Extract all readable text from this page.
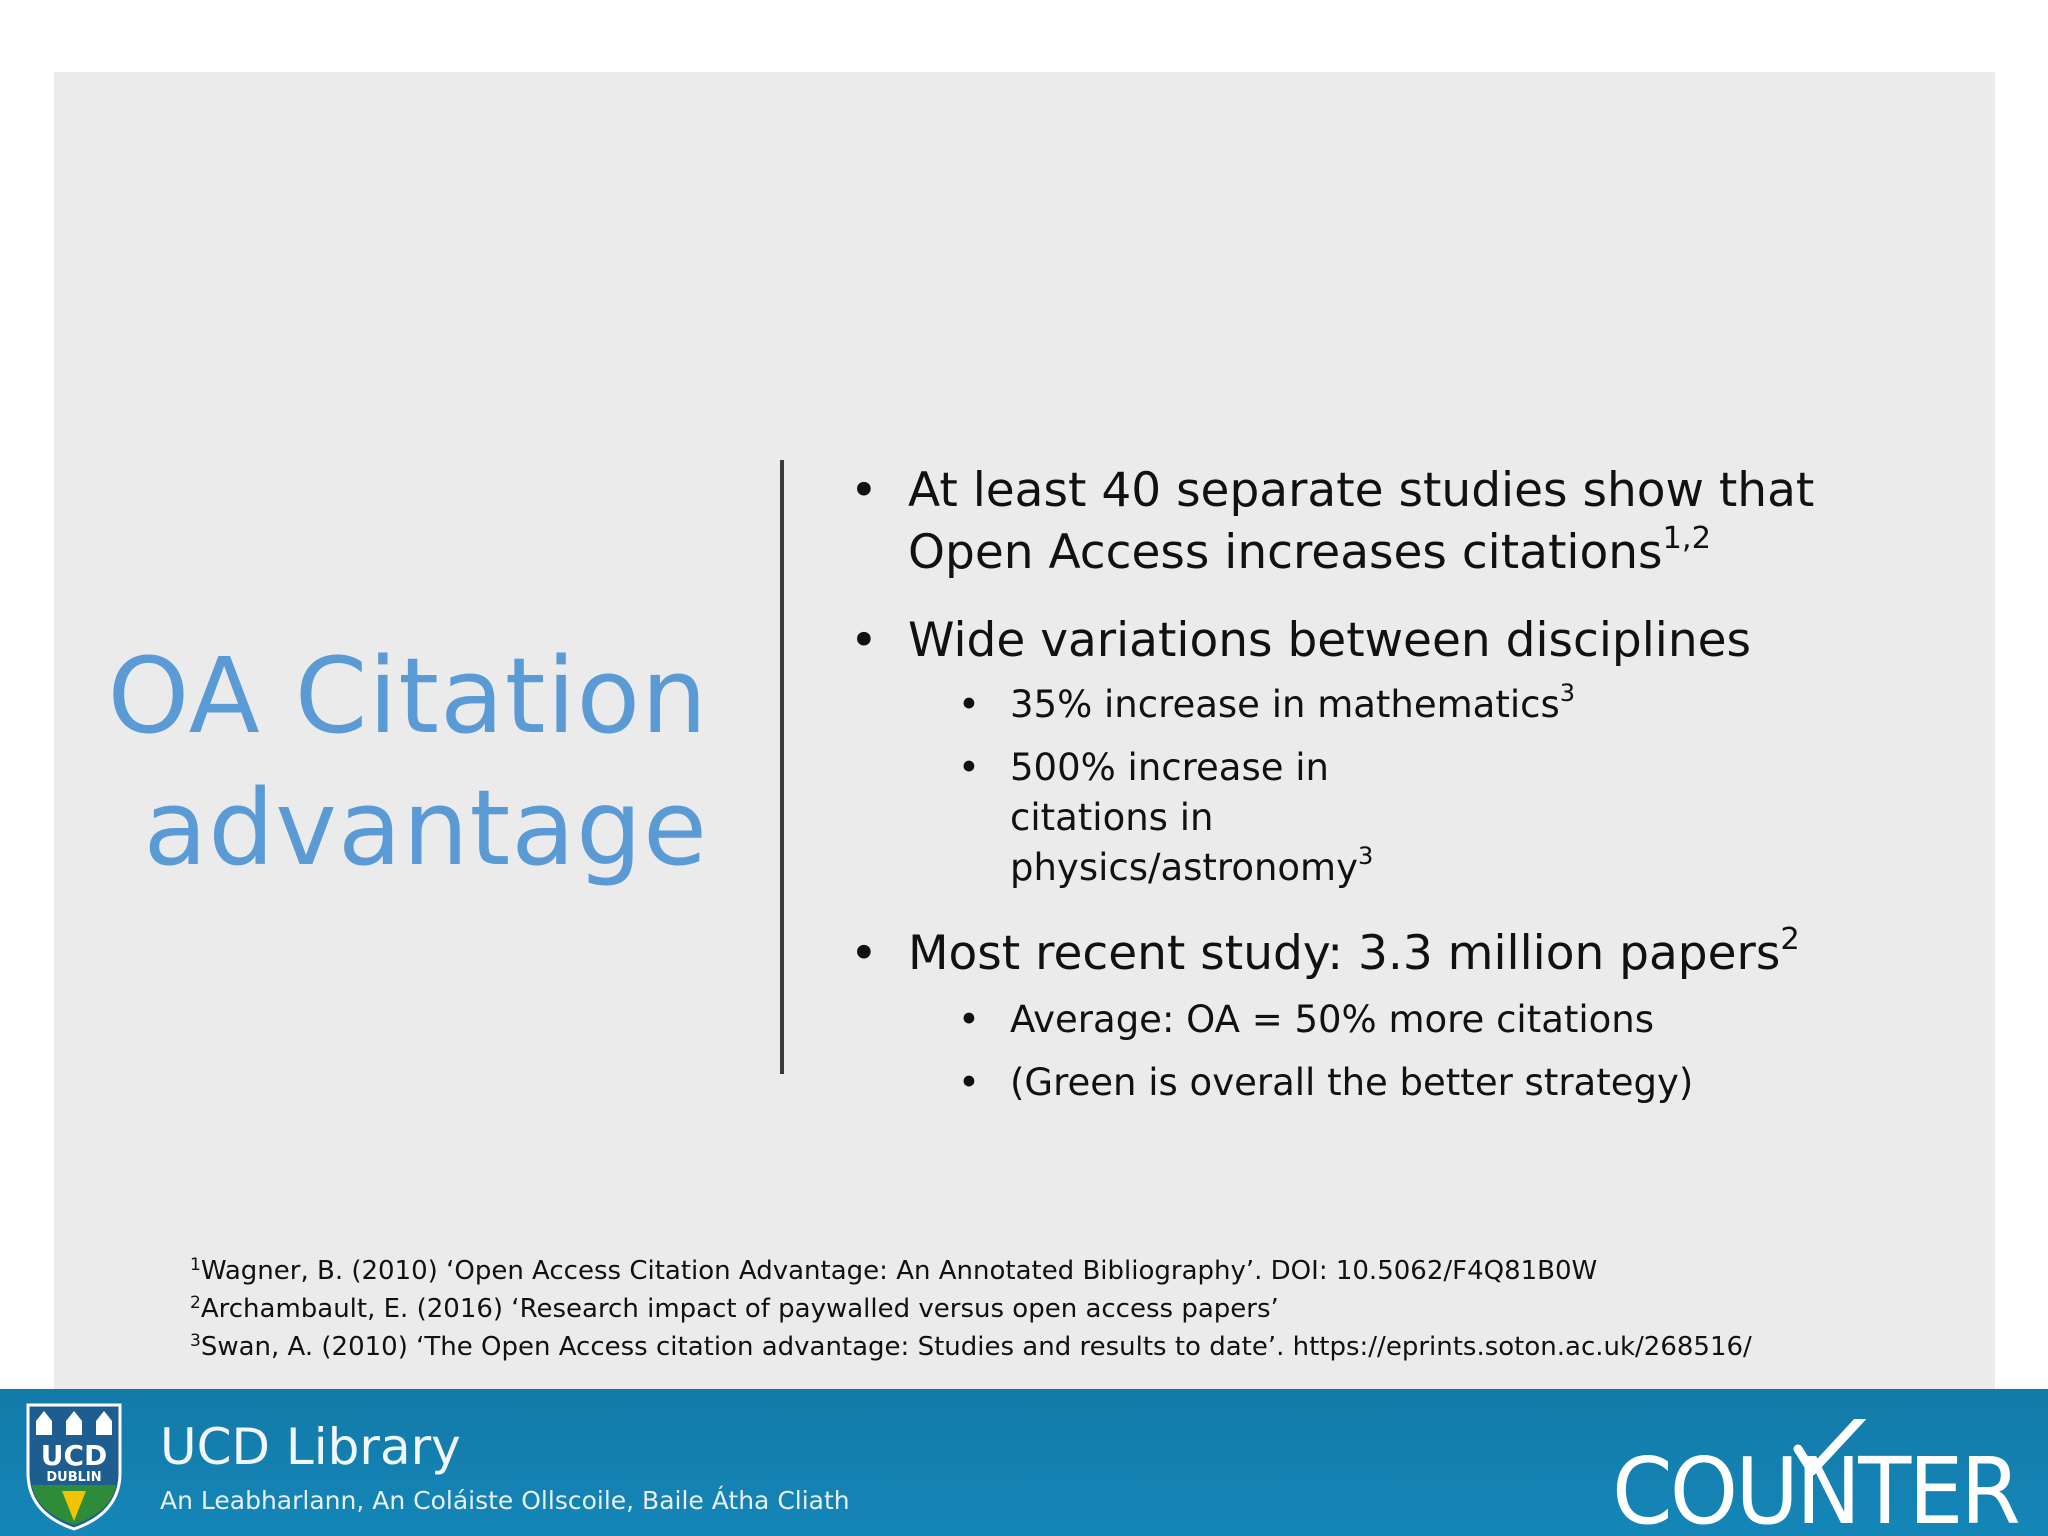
OA Citation
advantage
• At least 40 separate studies show that Open Access increases citations$^{1,2}$
• Wide variations between disciplines
• 35% increase in mathematics$^3$
• 500% increase in citations in physics/astronomy$^3$
• Most recent study: 3.3 million papers$^2$
• Average: OA = 50% more citations
• (Green is overall the better strategy)
$^1$Wagner, B. (2010) ‘Open Access Citation Advantage: An Annotated Bibliography’. DOI: 10.5062/F4Q81B0W
$^2$Archambault, E. (2016) ‘Research impact of paywalled versus open access papers’
$^3$Swan, A. (2010) ‘The Open Access citation advantage: Studies and results to date’. https://eprints.soton.ac.uk/268516/
UCD
DUBLIN
UCD Library
An Leabharlann, An Coláiste Ollscoile, Baile Átha Cliath	COUNTER
